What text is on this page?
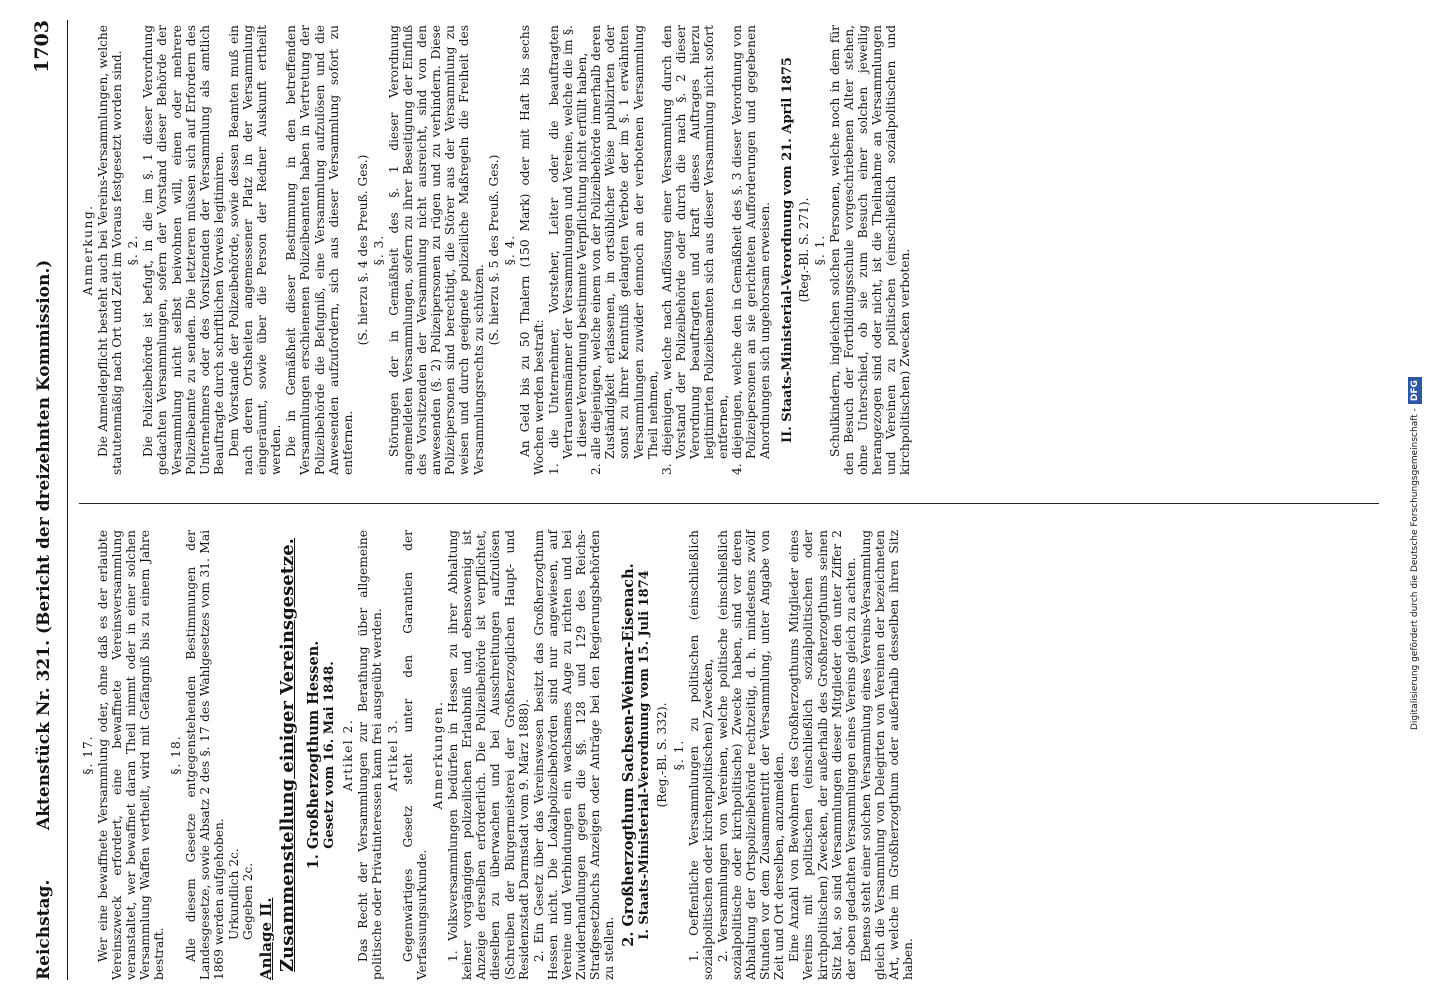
Reichstag.
Aktenstück Nr. 321. (Bericht der dreizehnten Kommission.)
1703

§. 17. Wer eine bewaffnete Versammlung oder, ohne daß es der erlaubte Vereinszweck erfordert, eine bewaffnete Vereinsversammlung veranstaltet, wer bewaffnet daran Theil nimmt oder in einer solchen Versammlung Waffen vertheilt, wird mit Gefängniß bis zu einem Jahre bestraft.

§. 18. Alle diesem Gesetze entgegenstehenden Bestimmungen der Landesgesetze, sowie Absatz 2 des §. 17 des Wahlgesetzes vom 31. Mai 1869 werden aufgehoben. Urkundlich 2c. Gegeben 2c. Anlage II. Zusammenstellung einiger Vereinsgesetze. 1. Großherzogthum Hessen. Gesetz vom 16. Mai 1848. Artikel 2. Das Recht der Versammlungen zur Berathung über allgemeine politische oder Privatinteressen kann frei ausgeübt werden. Artikel 3. Gegenwärtiges Gesetz steht unter den Garantien der Verfassungsurkunde.

Anmerkungen. 1. Volksversammlungen bedürfen in Hessen zu ihrer Abhaltung keiner vorgängigen polizeilichen Erlaubniß und ebensowenig ist Anzeige derselben erforderlich. Die Polizeibehörde ist verpflichtet, dieselben zu überwachen und bei Ausschreitungen aufzulösen (Schreiben der Bürgermeisterei der Großherzoglichen Haupt- und Residenzstadt Darmstadt vom 9. März 1888). 2. Ein Gesetz über das Vereinswesen besitzt das Großherzogthum Hessen nicht. Die Lokalpolizeibehörden sind nur angewiesen, auf Vereine und Verbindungen ein wachsames Auge zu richten und bei Zuwiderhandlungen gegen die §§. 128 und 129 des Reichs-Strafgesetzbuchs Anzeigen oder Anträge bei den Regierungsbehörden zu stellen.

2. Großherzogthum Sachsen-Weimar-Eisenach. I. Staats-Ministerial-Verordnung vom 15. Juli 1874 (Reg.-Bl. S. 332). §. 1. 1. Oeffentliche Versammlungen zu politischen (einschließlich sozialpolitischen oder kirchenpolitischen) Zwecken, 2. Versammlungen von Vereinen, welche politische (einschließlich sozialpolitische oder kirchpolitische) Zwecke haben, sind vor deren Abhaltung der Ortspolizeibehörde rechtzeitig, d. h. mindestens zwölf Stunden vor dem Zusammentritt der Versammlung, unter Angabe von Zeit und Ort derselben, anzumelden. Eine Anzahl von Bewohnern des Großherzogthums Mitglieder eines Vereins mit politischen (einschließlich sozialpolitischen oder kirchpolitischen) Zwecken, der außerhalb des Großherzogthums seinen Sitz hat, so sind Versammlungen dieser Mitglieder den unter Ziffer 2 der oben gedachten Versammlungen eines Vereins gleich zu achten. Ebenso steht einer solchen Versammlung eines Vereins-Versammlung gleich die Versammlung von Delegirten von Vereinen der bezeichneten Art, welche im Großherzogthum oder außerhalb desselben ihren Sitz haben.

Anmerkung. Die Anmeldepflicht besteht auch bei Vereins-Versammlungen, welche statutenmäßig nach Ort und Zeit im Voraus festgesetzt worden sind. §. 2. Die Polizeibehörde ist befugt, in die im §. 1 dieser Verordnung gedachten Versammlungen, sofern der Vorstand dieser Behörde der Versammlung nicht selbst beiwohnen will, einen oder mehrere Polizeibeamte zu senden. Die letzteren müssen sich auf Erfordern des Unternehmers oder des Vorsitzenden der Versammlung als amtlich Beauftragte durch schriftlichen Vorweis legitimiren. Dem Vorstande der Polizeibehörde, sowie dessen Beamten muß ein nach deren Ortsheiten angemessener Platz in der Versammlung eingeräumt, sowie über die Person der Redner Auskunft ertheilt werden. Die in Gemäßheit dieser Bestimmung in den betreffenden Versammlungen erschienenen Polizeibeamten haben in Vertretung der Polizeibehörde die Befugniß, eine Versammlung aufzulösen und die Anwesenden aufzufordern, sich aus dieser Versammlung sofort zu entfernen.

(S. hierzu §. 4 des Preuß. Ges.) §. 3. Störungen der in Gemäßheit des §. 1 dieser Verordnung angemeldeten Versammlungen, sofern zu ihrer Beseitigung der Einfluß des Vorsitzenden der Versammlung nicht ausreicht, sind von den anwesenden (§. 2) Polizeipersonen zu rügen und zu verhindern. Diese Polizeipersonen sind berechtigt, die Störer aus der Versammlung zu weisen und durch geeignete polizeiliche Maßregeln die Freiheit des Versammlungsrechts zu schützen.

(S. hierzu §. 5 des Preuß. Ges.) §. 4. An Geld bis zu 50 Thalern (150 Mark) oder mit Haft bis sechs Wochen werden bestraft: 1. die Unternehmer, Vorsteher, Leiter oder die beauftragten Vertrauensmänner der Versammlungen und Vereine, welche die im §. 1 dieser Verordnung bestimmte Verpflichtung nicht erfüllt haben, 2. alle diejenigen, welche einem von der Polizeibehörde innerhalb deren Zuständigkeit erlassenen, in ortsüblicher Weise publizirten oder sonst zu ihrer Kenntniß gelangten Verbote der im §. 1 erwähnten Versammlungen zuwider dennoch an der verbotenen Versammlung Theil nehmen, 3. diejenigen, welche nach Auflösung einer Versammlung durch den Vorstand der Polizeibehörde oder durch die nach §. 2 dieser Verordnung beauftragten und kraft dieses Auftrages hierzu legitimirten Polizeibeamten sich aus dieser Versammlung nicht sofort entfernen, 4. diejenigen, welche den in Gemäßheit des §. 3 dieser Verordnung von Polizeipersonen an sie gerichteten Aufforderungen und gegebenen Anordnungen sich ungehorsam erweisen. II. Staats-Ministerial-Verordnung vom 21. April 1875 (Reg.-Bl. S. 271). §. 1. Schulkindern, ingleichen solchen Personen, welche noch in dem für den Besuch der Fortbildungsschule vorgeschriebenen Alter stehen, ohne Unterschied, ob sie zum Besuch einer solchen jeweilig herangezogen sind oder nicht, ist die Theilnahme an Versammlungen und Vereinen zu politischen (einschließlich sozialpolitischen und kirchpolitischen) Zwecken verboten.

Digitalisierung gefördert durch die Deutsche Forschungsgemeinschaft -DFG
